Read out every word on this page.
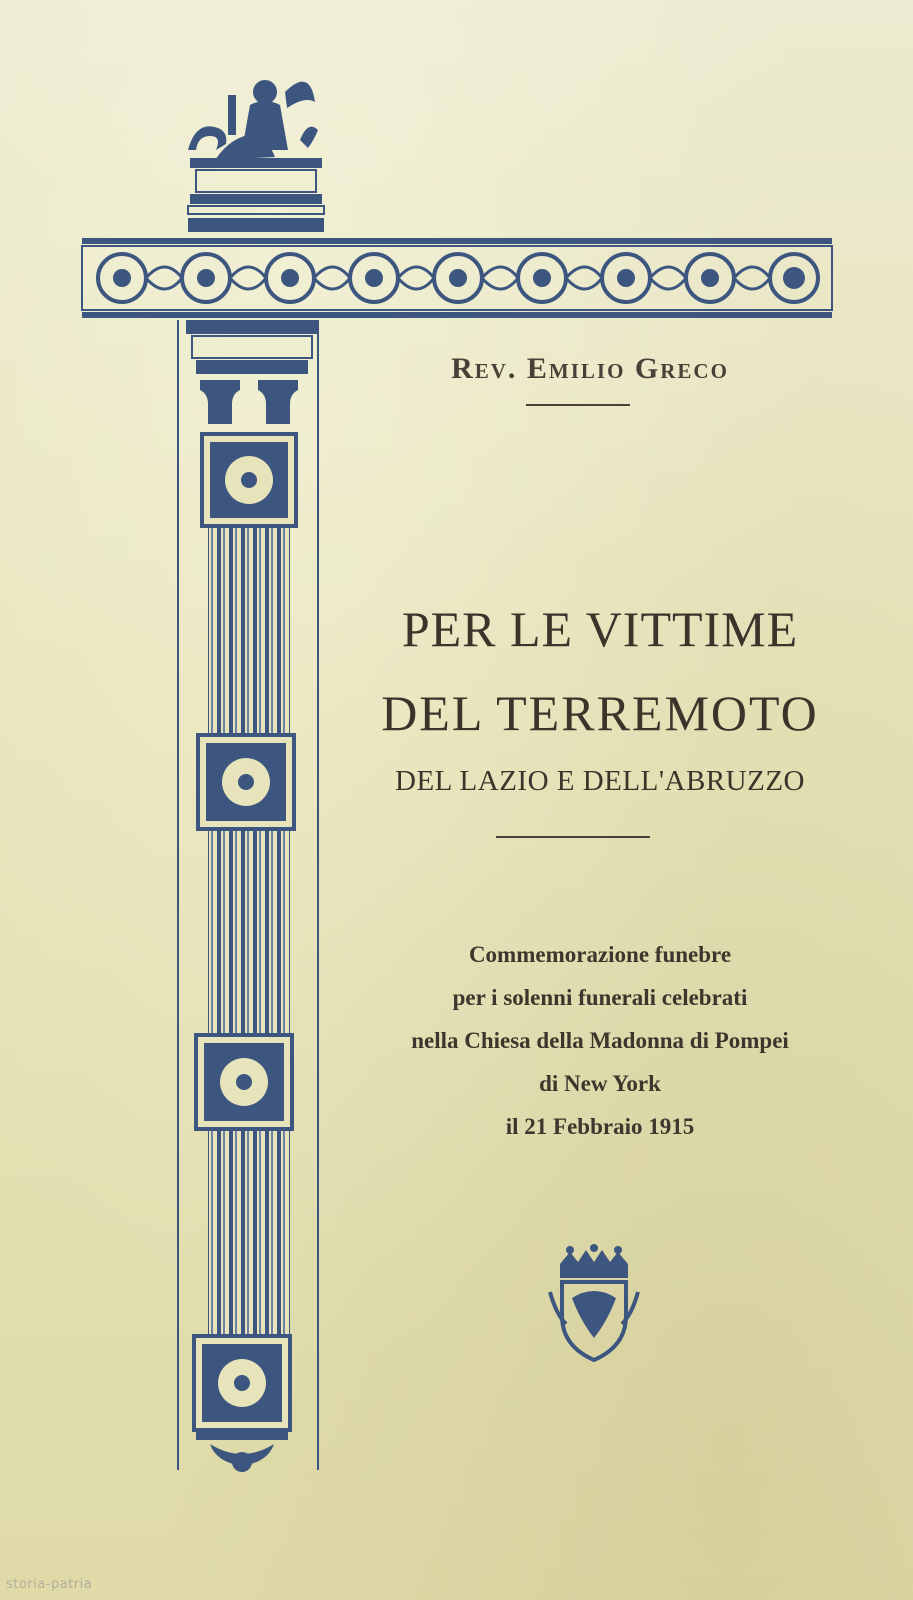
Rev. Emilio Greco

PER LE VITTIME

DEL TERREMOTO

DEL LAZIO E DELL'ABRUZZO

Commemorazione funebre

per i solenni funerali celebrati

nella Chiesa della Madonna di Pompei

di New York

il 21 Febbraio 1915

storia-patria
